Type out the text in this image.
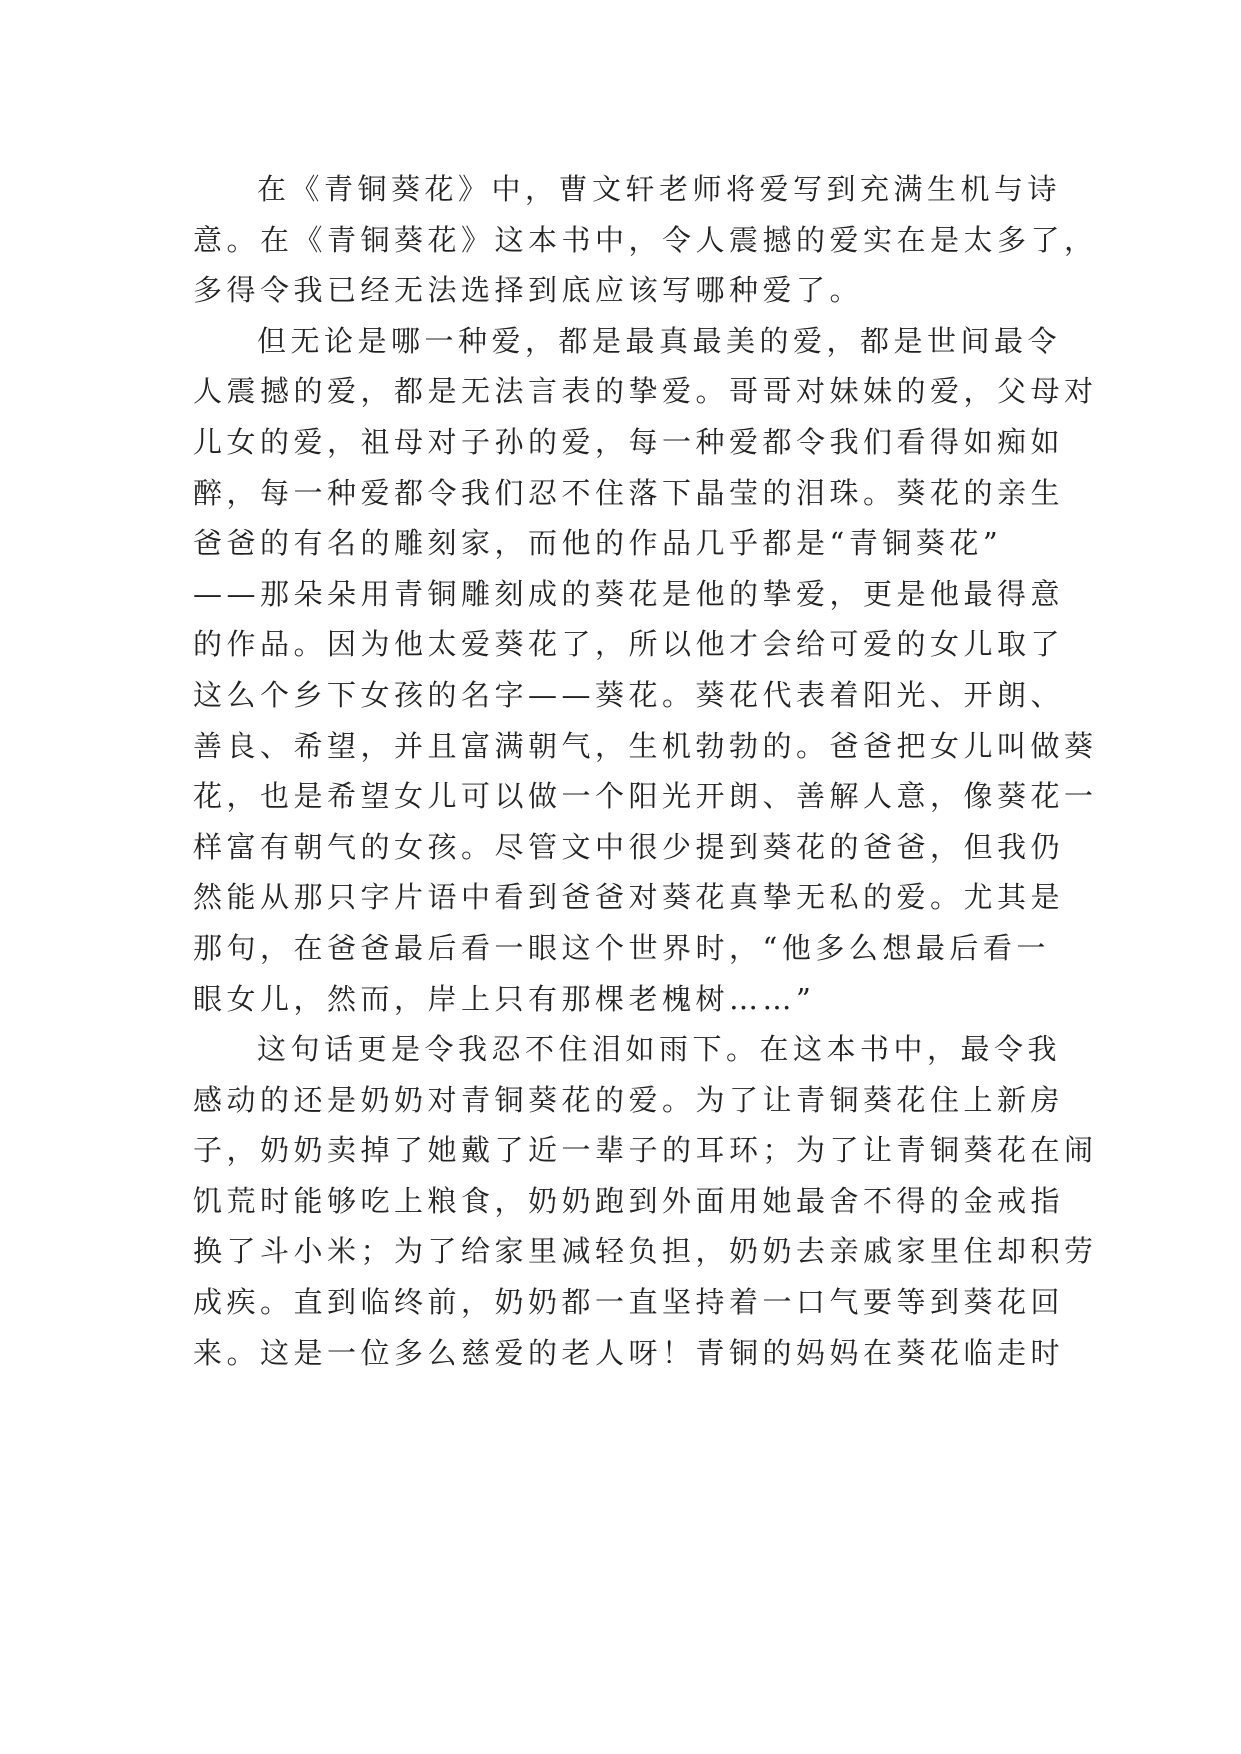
在《青铜葵花》中，曹文轩老师将爱写到充满生机与诗
意。在《青铜葵花》这本书中，令人震撼的爱实在是太多了，
多得令我已经无法选择到底应该写哪种爱了。
但无论是哪一种爱，都是最真最美的爱，都是世间最令
人震撼的爱，都是无法言表的挚爱。哥哥对妹妹的爱，父母对
儿女的爱，祖母对子孙的爱，每一种爱都令我们看得如痴如
醉，每一种爱都令我们忍不住落下晶莹的泪珠。葵花的亲生
爸爸的有名的雕刻家，而他的作品几乎都是“青铜葵花”
——那朵朵用青铜雕刻成的葵花是他的挚爱，更是他最得意
的作品。因为他太爱葵花了，所以他才会给可爱的女儿取了
这么个乡下女孩的名字——葵花。葵花代表着阳光、开朗、
善良、希望，并且富满朝气，生机勃勃的。爸爸把女儿叫做葵
花，也是希望女儿可以做一个阳光开朗、善解人意，像葵花一
样富有朝气的女孩。尽管文中很少提到葵花的爸爸，但我仍
然能从那只字片语中看到爸爸对葵花真挚无私的爱。尤其是
那句，在爸爸最后看一眼这个世界时，“他多么想最后看一
眼女儿，然而，岸上只有那棵老槐树……”
这句话更是令我忍不住泪如雨下。在这本书中，最令我
感动的还是奶奶对青铜葵花的爱。为了让青铜葵花住上新房
子，奶奶卖掉了她戴了近一辈子的耳环；为了让青铜葵花在闹
饥荒时能够吃上粮食，奶奶跑到外面用她最舍不得的金戒指
换了斗小米；为了给家里减轻负担，奶奶去亲戚家里住却积劳
成疾。直到临终前，奶奶都一直坚持着一口气要等到葵花回
来。这是一位多么慈爱的老人呀！青铜的妈妈在葵花临走时
